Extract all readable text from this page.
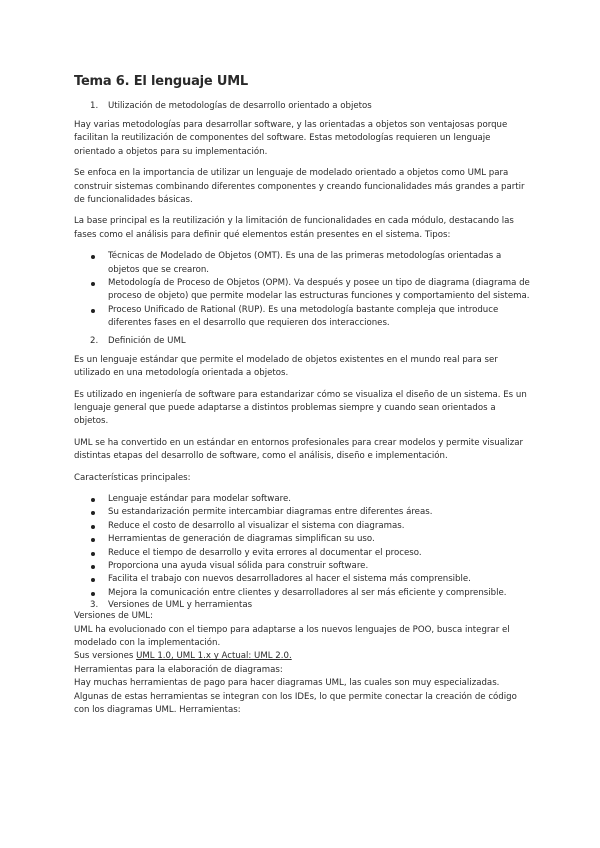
Tema 6. El lenguaje UML
1.	Utilización de metodologías de desarrollo orientado a objetos

Hay varias metodologías para desarrollar software, y las orientadas a objetos son ventajosas porque facilitan la reutilización de componentes del software. Estas metodologías requieren un lenguaje orientado a objetos para su implementación.

Se enfoca en la importancia de utilizar un lenguaje de modelado orientado a objetos como UML para construir sistemas combinando diferentes componentes y creando funcionalidades más grandes a partir de funcionalidades básicas.

La base principal es la reutilización y la limitación de funcionalidades en cada módulo, destacando las fases como el análisis para definir qué elementos están presentes en el sistema. Tipos:

Técnicas de Modelado de Objetos (OMT). Es una de las primeras metodologías orientadas a objetos que se crearon.
Metodología de Proceso de Objetos (OPM). Va después y posee un tipo de diagrama (diagrama de proceso de objeto) que permite modelar las estructuras funciones y comportamiento del sistema.
Proceso Unificado de Rational (RUP). Es una metodología bastante compleja que introduce diferentes fases en el desarrollo que requieren dos interacciones.
2.	Definición de UML

Es un lenguaje estándar que permite el modelado de objetos existentes en el mundo real para ser utilizado en una metodología orientada a objetos.

Es utilizado en ingeniería de software para estandarizar cómo se visualiza el diseño de un sistema. Es un lenguaje general que puede adaptarse a distintos problemas siempre y cuando sean orientados a objetos.

UML se ha convertido en un estándar en entornos profesionales para crear modelos y permite visualizar distintas etapas del desarrollo de software, como el análisis, diseño e implementación.

Características principales:

Lenguaje estándar para modelar software.
Su estandarización permite intercambiar diagramas entre diferentes áreas.
Reduce el costo de desarrollo al visualizar el sistema con diagramas.
Herramientas de generación de diagramas simplifican su uso.
Reduce el tiempo de desarrollo y evita errores al documentar el proceso.
Proporciona una ayuda visual sólida para construir software.
Facilita el trabajo con nuevos desarrolladores al hacer el sistema más comprensible.
Mejora la comunicación entre clientes y desarrolladores al ser más eficiente y comprensible.
3.	Versiones de UML y herramientas

Versiones de UML:

UML ha evolucionado con el tiempo para adaptarse a los nuevos lenguajes de POO, busca integrar el modelado con la implementación.

Sus versiones UML 1.0, UML 1.x y Actual: UML 2.0.

Herramientas para la elaboración de diagramas:

Hay muchas herramientas de pago para hacer diagramas UML, las cuales son muy especializadas. Algunas de estas herramientas se integran con los IDEs, lo que permite conectar la creación de código con los diagramas UML. Herramientas:
